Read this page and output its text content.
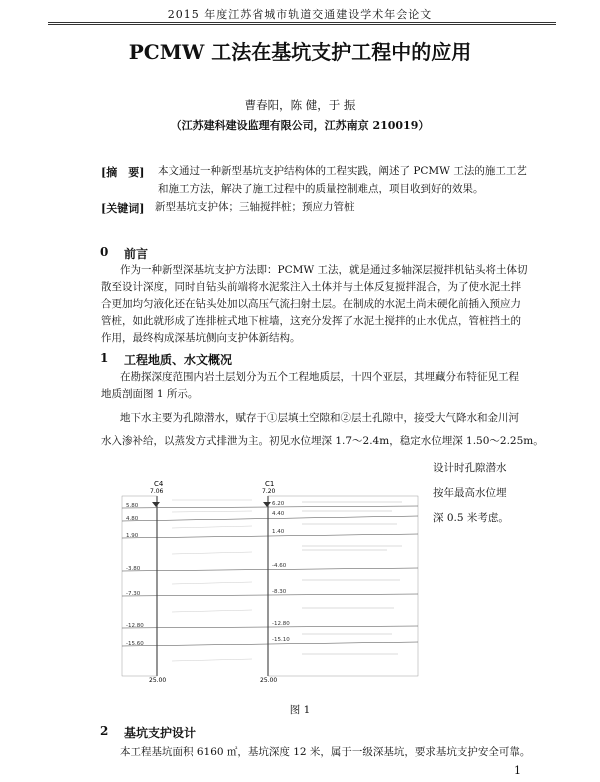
2015 年度江苏省城市轨道交通建设学术年会论文
PCMW 工法在基坑支护工程中的应用
曹春阳，陈 健，于 振
（江苏建科建设监理有限公司，江苏南京 210019）
[摘　要] 本文通过一种新型基坑支护结构体的工程实践，阐述了 PCMW 工法的施工工艺
和施工方法，解决了施工过程中的质量控制难点，项目收到好的效果。
[关键词] 新型基坑支护体；三轴搅拌桩；预应力管桩
0 前言
作为一种新型深基坑支护方法即：PCMW 工法，就是通过多轴深层搅拌机钻头将土体切
散至设计深度，同时自钻头前端将水泥浆注入土体并与土体反复搅拌混合，为了使水泥土拌
合更加均匀液化还在钻头处加以高压气流扫射土层。在制成的水泥土尚未硬化前插入预应力
管桩，如此就形成了连排桩式地下桩墙，这充分发挥了水泥土搅拌的止水优点，管桩挡土的
作用，最终构成深基坑侧向支护体新结构。
1 工程地质、水文概况
在勘探深度范围内岩土层划分为五个工程地质层，十四个亚层，其埋藏分布特征见工程
地质剖面图 1 所示。
地下水主要为孔隙潜水，赋存于①层填土空隙和②层土孔隙中，接受大气降水和金川河
水入渗补给，以蒸发方式排泄为主。初见水位埋深 1.7～2.4m，稳定水位埋深 1.50～2.25m。
设计时孔隙潜水
按年最高水位埋
深 0.5 米考虑。
C4
7.06
C1
7.20
5.80
4.80
1.90
-3.80
-7.30
-12.80
-15.60
6.20
4.40
1.40
-4.60
-8.30
-12.80
-15.10
25.00	25.00
图 1
2 基坑支护设计
本工程基坑面积 6160 ㎡，基坑深度 12 米，属于一级深基坑，要求基坑支护安全可靠。
1
